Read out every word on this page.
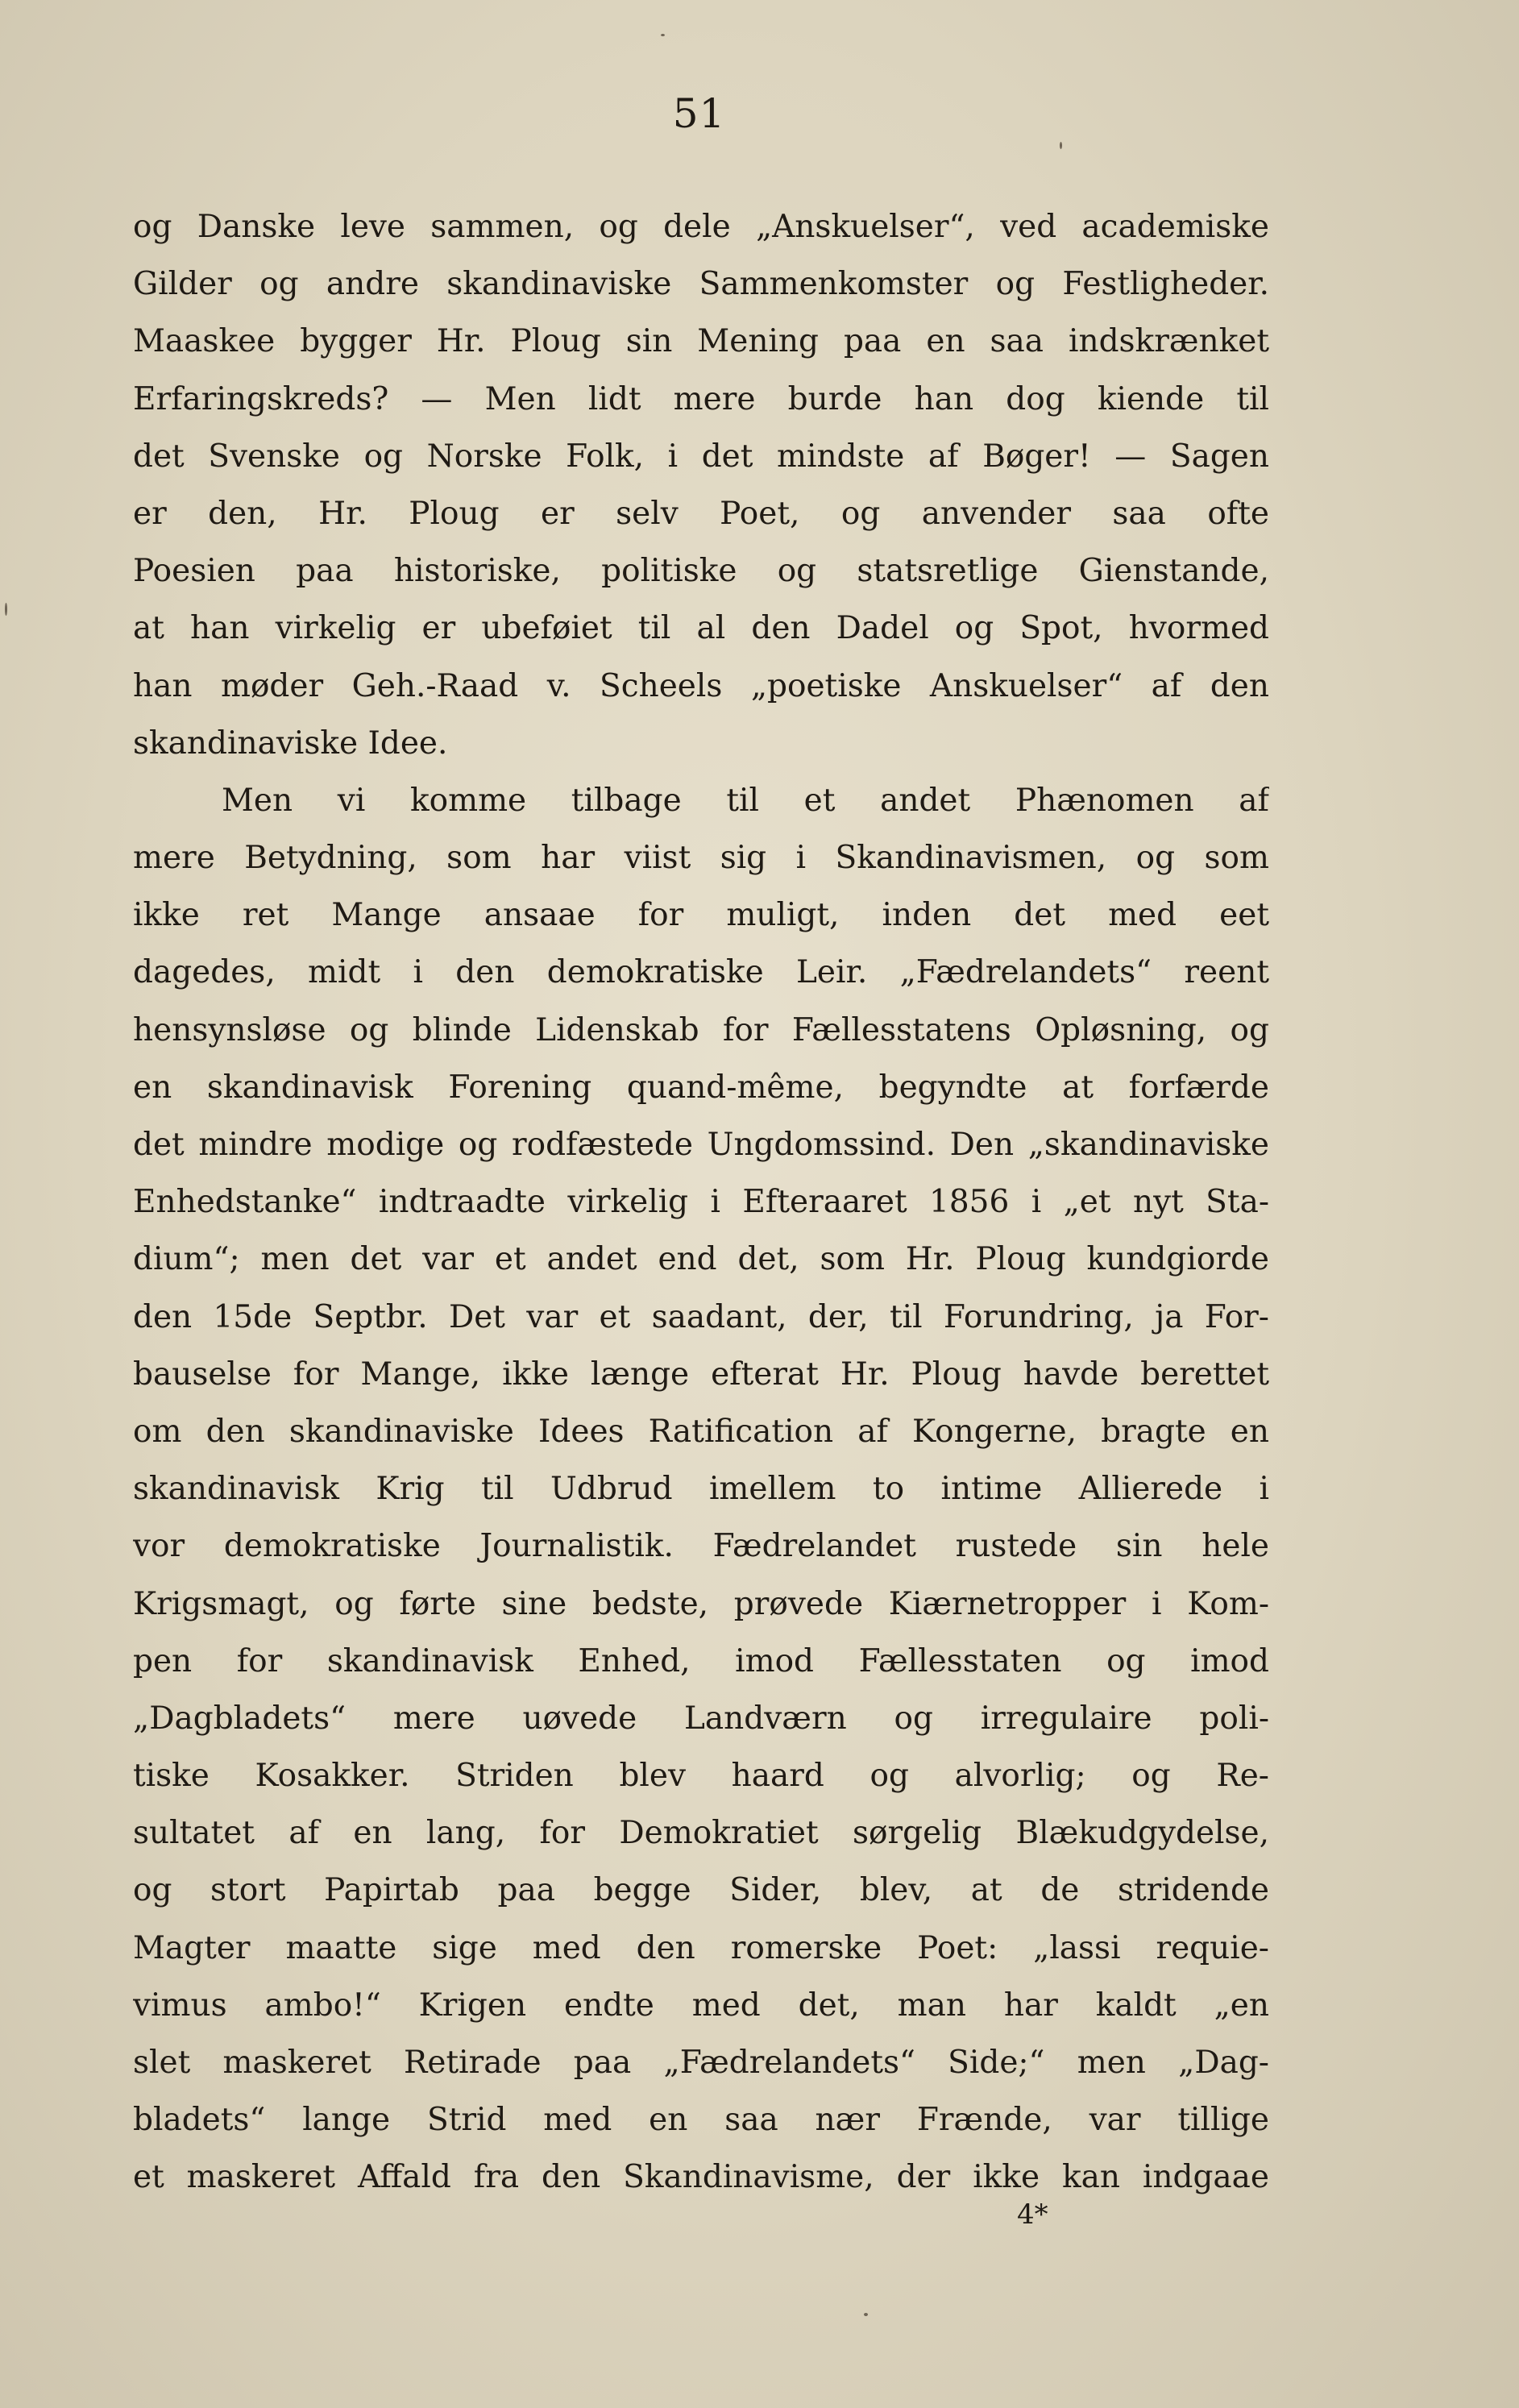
51
og Danske leve sammen, og dele „Anskuelser“, ved academiske
Gilder og andre skandinaviske Sammenkomster og Festligheder.
Maaskee bygger Hr. Ploug sin Mening paa en saa indskrænket
Erfaringskreds? — Men lidt mere burde han dog kiende til
det Svenske og Norske Folk, i det mindste af Bøger! — Sagen
er den, Hr. Ploug er selv Poet, og anvender saa ofte
Poesien paa historiske, politiske og statsretlige Gienstande,
at han virkelig er ubeføiet til al den Dadel og Spot, hvormed
han møder Geh.-Raad v. Scheels „poetiske Anskuelser“ af den
skandinaviske Idee.
Men vi komme tilbage til et andet Phænomen af
mere Betydning, som har viist sig i Skandinavismen, og som
ikke ret Mange ansaae for muligt, inden det med eet
dagedes, midt i den demokratiske Leir. „Fædrelandets“ reent
hensynsløse og blinde Lidenskab for Fællesstatens Opløsning, og
en skandinavisk Forening quand-même, begyndte at forfærde
det mindre modige og rodfæstede Ungdomssind. Den „skandinaviske
Enhedstanke“ indtraadte virkelig i Efteraaret 1856 i „et nyt Sta-
dium“; men det var et andet end det, som Hr. Ploug kundgiorde
den 15de Septbr. Det var et saadant, der, til Forundring, ja For-
bauselse for Mange, ikke længe efterat Hr. Ploug havde berettet
om den skandinaviske Idees Ratification af Kongerne, bragte en
skandinavisk Krig til Udbrud imellem to intime Allierede i
vor demokratiske Journalistik. Fædrelandet rustede sin hele
Krigsmagt, og førte sine bedste, prøvede Kiærnetropper i Kom-
pen for skandinavisk Enhed, imod Fællesstaten og imod
„Dagbladets“ mere uøvede Landværn og irregulaire poli-
tiske Kosakker. Striden blev haard og alvorlig; og Re-
sultatet af en lang, for Demokratiet sørgelig Blækudgydelse,
og stort Papirtab paa begge Sider, blev, at de stridende
Magter maatte sige med den romerske Poet: „lassi requie-
vimus ambo!“ Krigen endte med det, man har kaldt „en
slet maskeret Retirade paa „Fædrelandets“ Side;“ men „Dag-
bladets“ lange Strid med en saa nær Frænde, var tillige
et maskeret Affald fra den Skandinavisme, der ikke kan indgaae
4*
